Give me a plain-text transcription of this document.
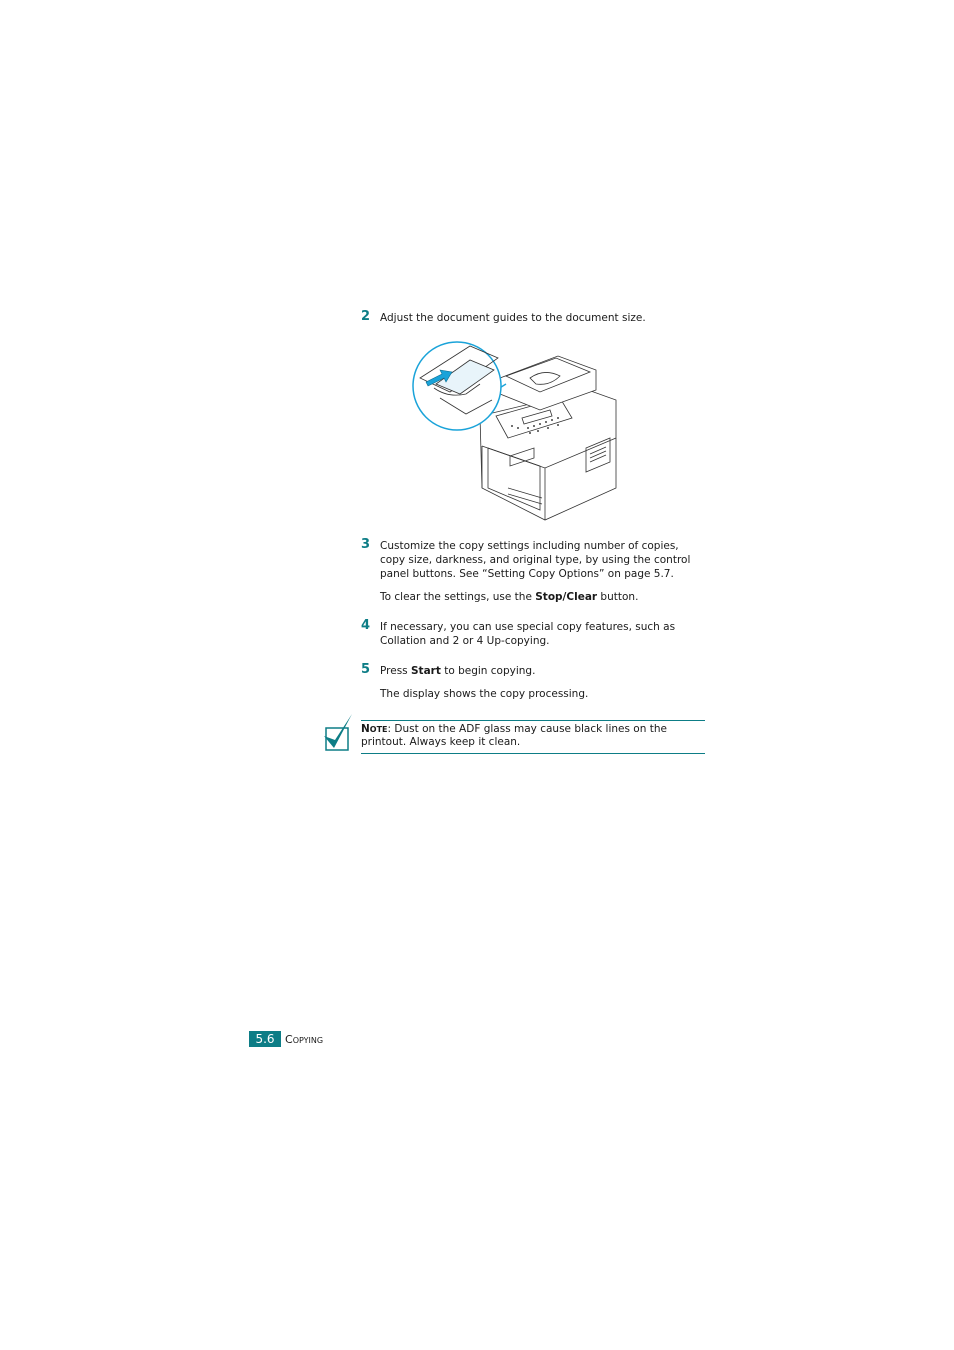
2 Adjust the document guides to the document size.
3 Customize the copy settings including number of copies,
copy size, darkness, and original type, by using the control
panel buttons. See “Setting Copy Options” on page 5.7.
To clear the settings, use the Stop/Clear button.
4 If necessary, you can use special copy features, such as
Collation and 2 or 4 Up-copying.
5 Press Start to begin copying.
The display shows the copy processing.
NOTE: Dust on the ADF glass may cause black lines on the
printout. Always keep it clean.
5.6 COPYING
